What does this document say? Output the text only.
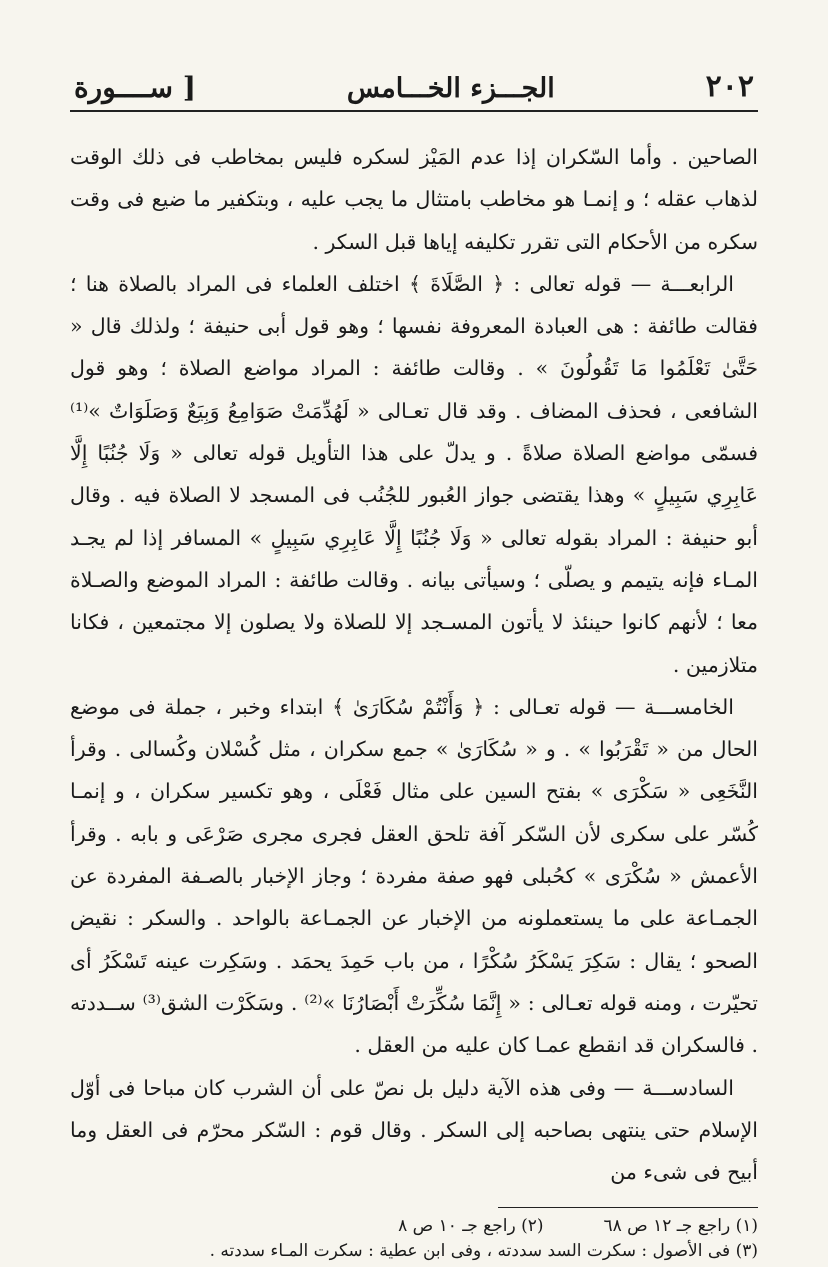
٢٠٢
الجـــزء الخـــامس
[ ســــورة

الصاحين . وأما السّكران إذا عدم المَيْز لسكره فليس بمخاطب فى ذلك الوقت لذهاب عقله ؛ و إنمـا هو مخاطب بامتثال ما يجب عليه ، وبتكفير ما ضيع فى وقت سكره من الأحكام التى تقرر تكليفه إياها قبل السكر .

الرابعـــة — قوله تعالى : ﴿ الصَّلَاةَ ﴾ اختلف العلماء فى المراد بالصلاة هنا ؛ فقالت طائفة : هى العبادة المعروفة نفسها ؛ وهو قول أبى حنيفة ؛ ولذلك قال « حَتَّىٰ تَعْلَمُوا مَا تَقُولُونَ » . وقالت طائفة : المراد مواضع الصلاة ؛ وهو قول الشافعى ، فحذف المضاف . وقد قال تعـالى « لَهُدِّمَتْ صَوَامِعُ وَبِيَعٌ وَصَلَوَاتٌ »⁽¹⁾ فسمّى مواضع الصلاة صلاةً . و يدلّ على هذا التأويل قوله تعالى « وَلَا جُنُبًا إِلَّا عَابِرِي سَبِيلٍ » وهذا يقتضى جواز العُبور للجُنُب فى المسجد لا الصلاة فيه . وقال أبو حنيفة : المراد بقوله تعالى « وَلَا جُنُبًا إِلَّا عَابِرِي سَبِيلٍ » المسافر إذا لم يجـد المـاء فإنه يتيمم و يصلّى ؛ وسيأتى بيانه . وقالت طائفة : المراد الموضع والصـلاة معا ؛ لأنهم كانوا حينئذ لا يأتون المسـجد إلا للصلاة ولا يصلون إلا مجتمعين ، فكانا متلازمين .

الخامســـة — قوله تعـالى : ﴿ وَأَنْتُمْ سُكَارَىٰ ﴾ ابتداء وخبر ، جملة فى موضع الحال من « تَقْرَبُوا » . و « سُكَارَىٰ » جمع سكران ، مثل كُسْلان وكُسالى . وقرأ النَّخَعِى « سَكْرَى » بفتح السين على مثال فَعْلَى ، وهو تكسير سكران ، و إنمـا كُسّر على سكرى لأن السّكر آفة تلحق العقل فجرى مجرى صَرْعَى و بابه . وقرأ الأعمش « سُكْرَى » كحُبلى فهو صفة مفردة ؛ وجاز الإخبار بالصـفة المفردة عن الجمـاعة على ما يستعملونه من الإخبار عن الجمـاعة بالواحد . والسكر : نقيض الصحو ؛ يقال : سَكِرَ يَسْكَرُ سُكْرًا ، من باب حَمِدَ يحمَد . وسَكِرت عينه تَسْكَرُ أى تحيّرت ، ومنه قوله تعـالى : « إِنَّمَا سُكِّرَتْ أَبْصَارُنَا »⁽²⁾ . وسَكَرْت الشق⁽³⁾ ســددته . فالسكران قد انقطع عمـا كان عليه من العقل .

السادســـة — وفى هذه الآية دليل بل نصّ على أن الشرب كان مباحا فى أوّل الإسلام حتى ينتهى بصاحبه إلى السكر . وقال قوم : السّكر محرّم فى العقل وما أبيح فى شىء من

(١) راجع جـ ١٢ ص ٦٨
(٢) راجع جـ ١٠ ص ٨
(٣) فى الأصول : سكرت السد سددته ، وفى ابن عطية : سكرت المـاء سددته .
